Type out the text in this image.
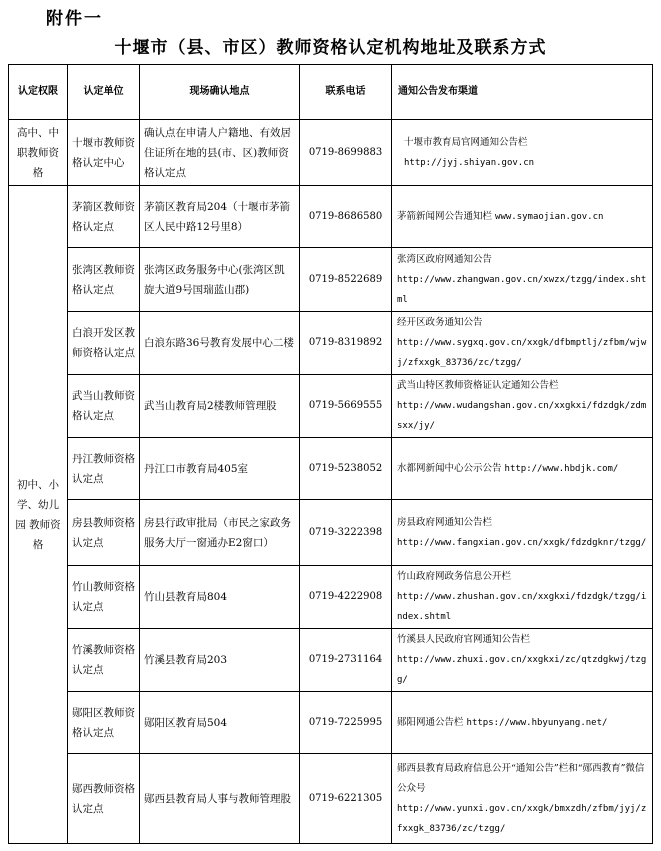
附件一
十堰市（县、市区）教师资格认定机构地址及联系方式
认定权限	认定单位	现场确认地点	联系电话	通知公告发布渠道
高中、中职教师资格	十堰市教师资格认定中心	确认点在申请人户籍地、有效居住证所在地的县(市、区)教师资格认定点	0719-8699883	十堰市教育局官网通知公告栏
http://jyj.shiyan.gov.cn

初中、小学、幼儿园 教师资格	茅箭区教师资格认定点	茅箭区教育局204（十堰市茅箭区人民中路12号里8）	0719-8686580	茅箭新闻网公告通知栏 www.symaojian.gov.cn
	张湾区教师资格认定点	张湾区政务服务中心(张湾区凯旋大道9号国瑞蓝山郡)	0719-8522689	张湾区政府网通知公告
http://www.zhangwan.gov.cn/xwzx/tzgg/index.shtml

	白浪开发区教师资格认定点	白浪东路36号教育发展中心二楼	0719-8319892	经开区政务通知公告
http://www.sygxq.gov.cn/xxgk/dfbmptlj/zfbm/wjwj/zfxxgk_83736/zc/tzgg/

	武当山教师资格认定点	武当山教育局2楼教师管理股	0719-5669555	武当山特区教师资格证认定通知公告栏
http://www.wudangshan.gov.cn/xxgkxi/fdzdgk/zdmsxx/jy/

	丹江教师资格认定点	丹江口市教育局405室	0719-5238052	水都网新闻中心公示公告 http://www.hbdjk.com/
	房县教师资格认定点	房县行政审批局（市民之家政务服务大厅一窗通办E2窗口）	0719-3222398	房县政府网通知公告栏
http://www.fangxian.gov.cn/xxgk/fdzdgknr/tzgg/

	竹山教师资格认定点	竹山县教育局804	0719-4222908	竹山政府网政务信息公开栏
http://www.zhushan.gov.cn/xxgkxi/fdzdgk/tzgg/index.shtml

	竹溪教师资格认定点	竹溪县教育局203	0719-2731164	竹溪县人民政府官网通知公告栏
http://www.zhuxi.gov.cn/xxgkxi/zc/qtzdgkwj/tzgg/

	郧阳区教师资格认定点	郧阳区教育局504	0719-7225995	郧阳网通公告栏 https://www.hbyunyang.net/
	郧西教师资格认定点	郧西县教育局人事与教师管理股	0719-6221305	郧西县教育局政府信息公开“通知公告”栏和“郧西教育”微信公众号
http://www.yunxi.gov.cn/xxgk/bmxzdh/zfbm/jyj/zfxxgk_83736/zc/tzgg/
